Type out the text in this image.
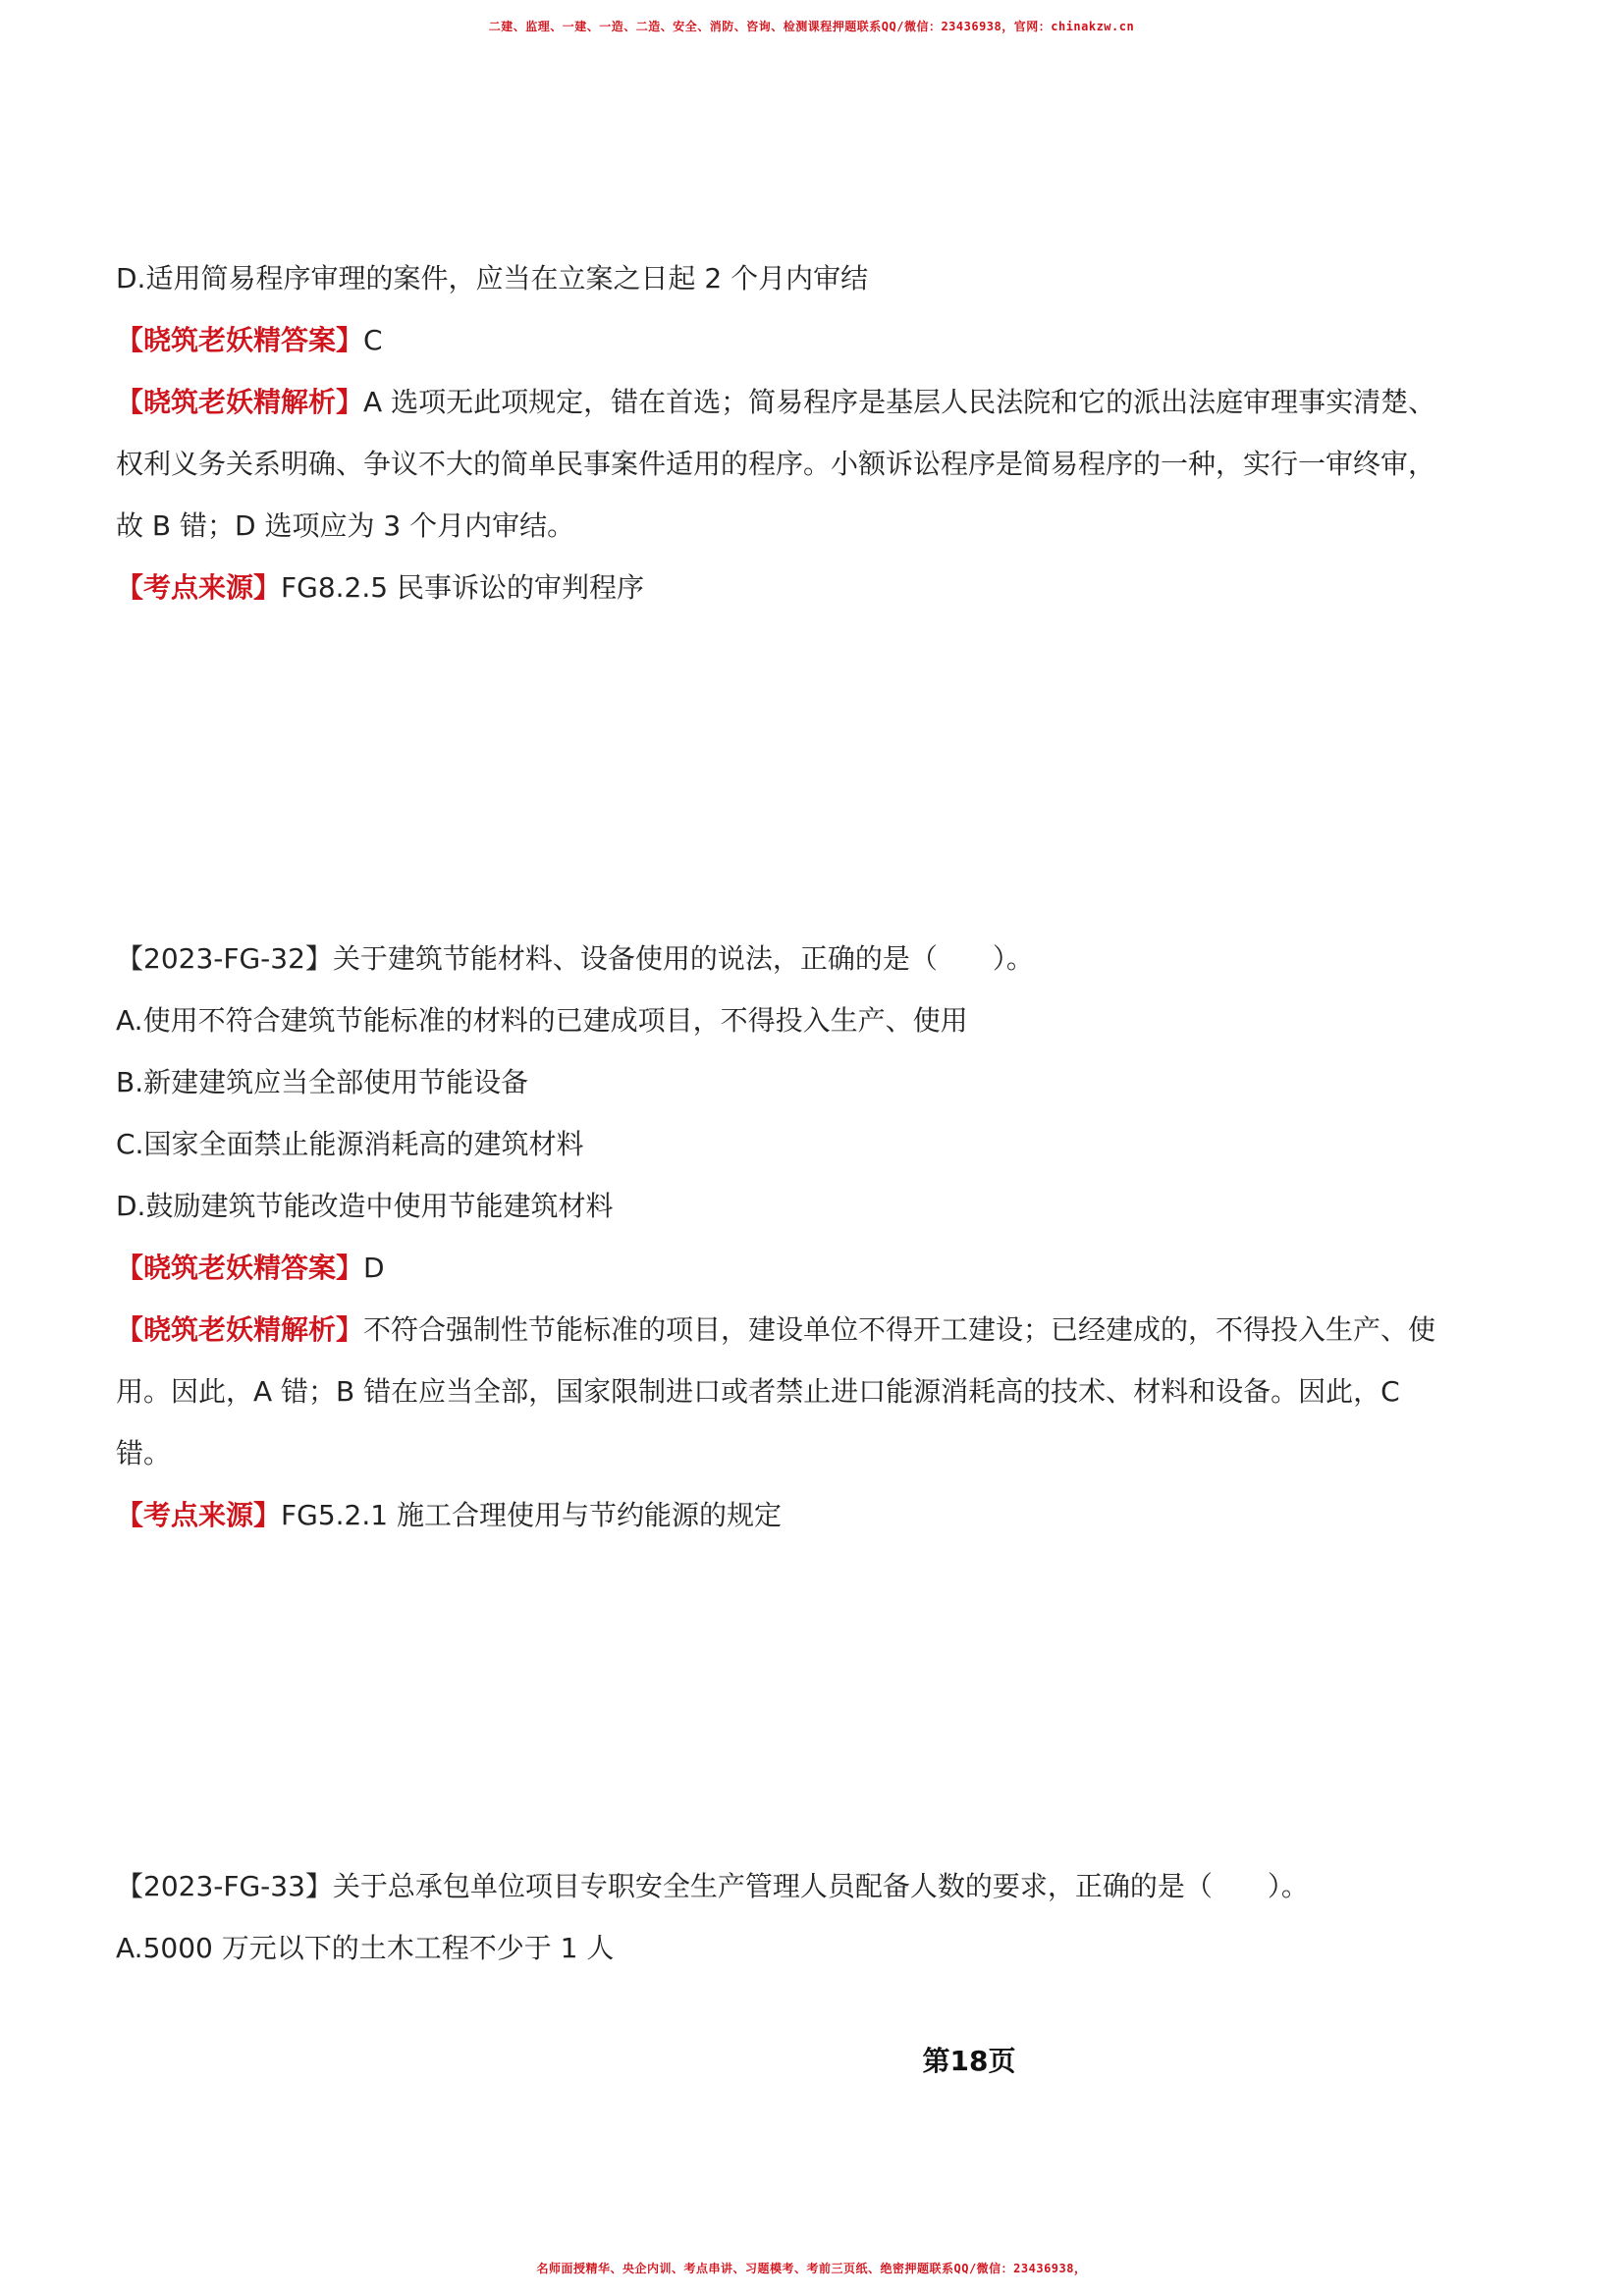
二建、监理、一建、一造、二造、安全、消防、咨询、检测课程押题联系QQ/微信：23436938，官网：chinakzw.cn
D.适用简易程序审理的案件，应当在立案之日起 2 个月内审结
【晓筑老妖精答案】C
【晓筑老妖精解析】A 选项无此项规定，错在首选；简易程序是基层人民法院和它的派出法庭审理事实清楚、
权利义务关系明确、争议不大的简单民事案件适用的程序。小额诉讼程序是简易程序的一种，实行一审终审，
故 B 错；D 选项应为 3 个月内审结。
【考点来源】FG8.2.5 民事诉讼的审判程序
【2023-FG-32】关于建筑节能材料、设备使用的说法，正确的是（　　）。
A.使用不符合建筑节能标准的材料的已建成项目，不得投入生产、使用
B.新建建筑应当全部使用节能设备
C.国家全面禁止能源消耗高的建筑材料
D.鼓励建筑节能改造中使用节能建筑材料
【晓筑老妖精答案】D
【晓筑老妖精解析】不符合强制性节能标准的项目，建设单位不得开工建设；已经建成的，不得投入生产、使
用。因此，A 错；B 错在应当全部，国家限制进口或者禁止进口能源消耗高的技术、材料和设备。因此，C
错。
【考点来源】FG5.2.1 施工合理使用与节约能源的规定
【2023-FG-33】关于总承包单位项目专职安全生产管理人员配备人数的要求，正确的是（　　）。
A.5000 万元以下的土木工程不少于 1 人
第18页
名师面授精华、央企内训、考点串讲、习题模考、考前三页纸、绝密押题联系QQ/微信：23436938，
